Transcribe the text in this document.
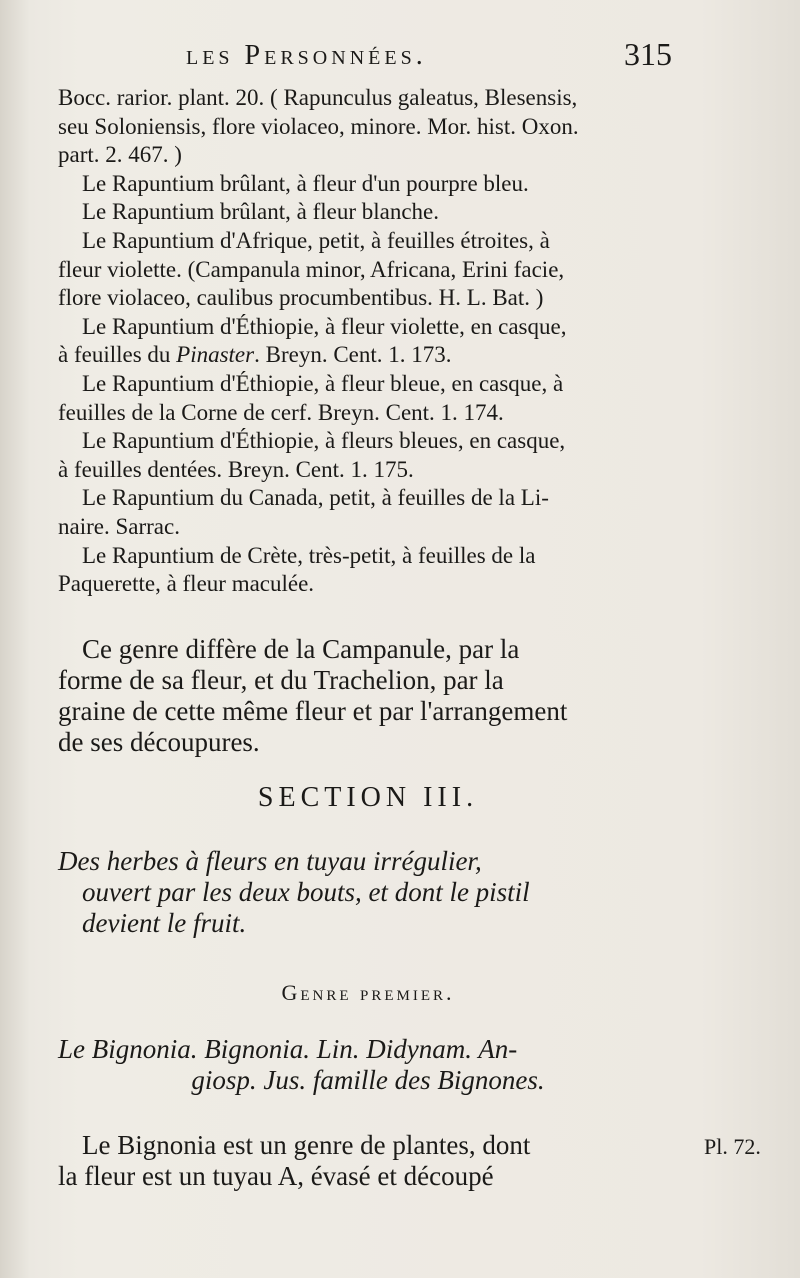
les Personnées.	315

Bocc. rarior. plant. 20. ( Rapunculus galeatus, Blesensis,

seu Soloniensis, flore violaceo, minore. Mor. hist. Oxon.

part. 2. 467. )

Le Rapuntium brûlant, à fleur d'un pourpre bleu.

Le Rapuntium brûlant, à fleur blanche.

Le Rapuntium d'Afrique, petit, à feuilles étroites, à

fleur violette. (Campanula minor, Africana, Erini facie,

flore violaceo, caulibus procumbentibus. H. L. Bat. )

Le Rapuntium d'Éthiopie, à fleur violette, en casque,

à feuilles du Pinaster. Breyn. Cent. 1. 173.

Le Rapuntium d'Éthiopie, à fleur bleue, en casque, à

feuilles de la Corne de cerf. Breyn. Cent. 1. 174.

Le Rapuntium d'Éthiopie, à fleurs bleues, en casque,

à feuilles dentées. Breyn. Cent. 1. 175.

Le Rapuntium du Canada, petit, à feuilles de la Li-

naire. Sarrac.

Le Rapuntium de Crète, très-petit, à feuilles de la

Paquerette, à fleur maculée.

Ce genre diffère de la Campanule, par la

forme de sa fleur, et du Trachelion, par la

graine de cette même fleur et par l'arrangement

de ses découpures.

SECTION III.

Des herbes à fleurs en tuyau irrégulier,

ouvert par les deux bouts, et dont le pistil

devient le fruit.

Genre premier.

Le Bignonia. Bignonia. Lin. Didynam. An-

giosp. Jus. famille des Bignones.

Le Bignonia est un genre de plantes, dont

la fleur est un tuyau A, évasé et découpé

Pl. 72.
